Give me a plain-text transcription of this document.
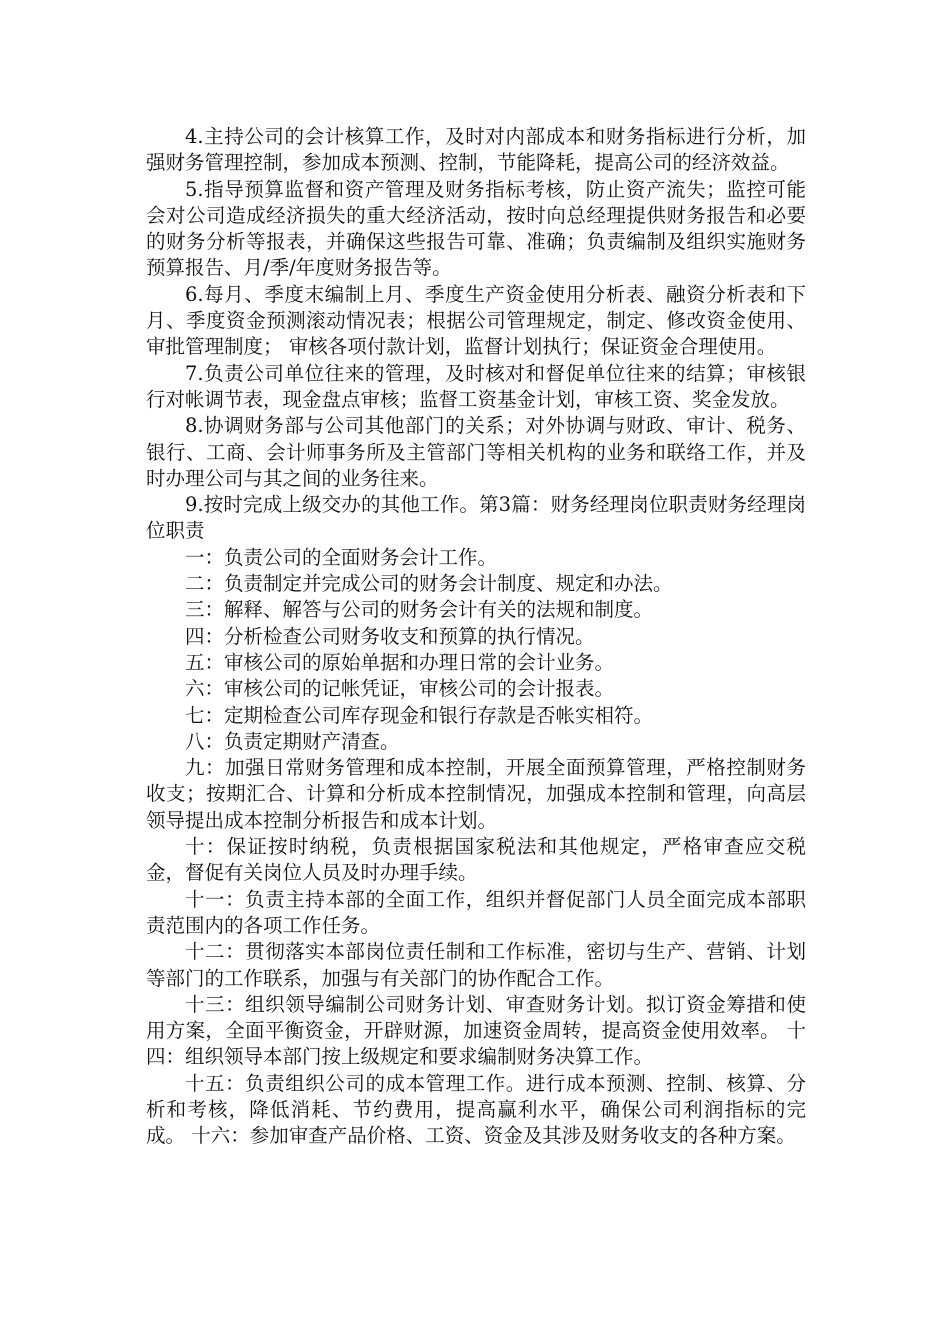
4.主持公司的会计核算工作，及时对内部成本和财务指标进行分析，加强财务管理控制，参加成本预测、控制，节能降耗，提高公司的经济效益。

5.指导预算监督和资产管理及财务指标考核，防止资产流失；监控可能会对公司造成经济损失的重大经济活动，按时向总经理提供财务报告和必要的财务分析等报表，并确保这些报告可靠、准确；负责编制及组织实施财务预算报告、月/季/年度财务报告等。

6.每月、季度末编制上月、季度生产资金使用分析表、融资分析表和下月、季度资金预测滚动情况表；根据公司管理规定，制定、修改资金使用、审批管理制度； 审核各项付款计划，监督计划执行；保证资金合理使用。

7.负责公司单位往来的管理，及时核对和督促单位往来的结算；审核银行对帐调节表，现金盘点审核；监督工资基金计划，审核工资、奖金发放。

8.协调财务部与公司其他部门的关系；对外协调与财政、审计、税务、银行、工商、会计师事务所及主管部门等相关机构的业务和联络工作，并及时办理公司与其之间的业务往来。

9.按时完成上级交办的其他工作。第3篇：财务经理岗位职责财务经理岗位职责

一：负责公司的全面财务会计工作。

二：负责制定并完成公司的财务会计制度、规定和办法。

三：解释、解答与公司的财务会计有关的法规和制度。

四：分析检查公司财务收支和预算的执行情况。

五：审核公司的原始单据和办理日常的会计业务。

六：审核公司的记帐凭证，审核公司的会计报表。

七：定期检查公司库存现金和银行存款是否帐实相符。

八：负责定期财产清查。

九：加强日常财务管理和成本控制，开展全面预算管理，严格控制财务收支；按期汇合、计算和分析成本控制情况，加强成本控制和管理，向高层领导提出成本控制分析报告和成本计划。

十：保证按时纳税，负责根据国家税法和其他规定，严格审查应交税金，督促有关岗位人员及时办理手续。

十一：负责主持本部的全面工作，组织并督促部门人员全面完成本部职责范围内的各项工作任务。

十二：贯彻落实本部岗位责任制和工作标准，密切与生产、营销、计划等部门的工作联系，加强与有关部门的协作配合工作。

十三：组织领导编制公司财务计划、审查财务计划。拟订资金筹措和使用方案，全面平衡资金，开辟财源，加速资金周转，提高资金使用效率。 十四：组织领导本部门按上级规定和要求编制财务决算工作。

十五：负责组织公司的成本管理工作。进行成本预测、控制、核算、分析和考核，降低消耗、节约费用，提高赢利水平，确保公司利润指标的完成。 十六：参加审查产品价格、工资、资金及其涉及财务收支的各种方案。
